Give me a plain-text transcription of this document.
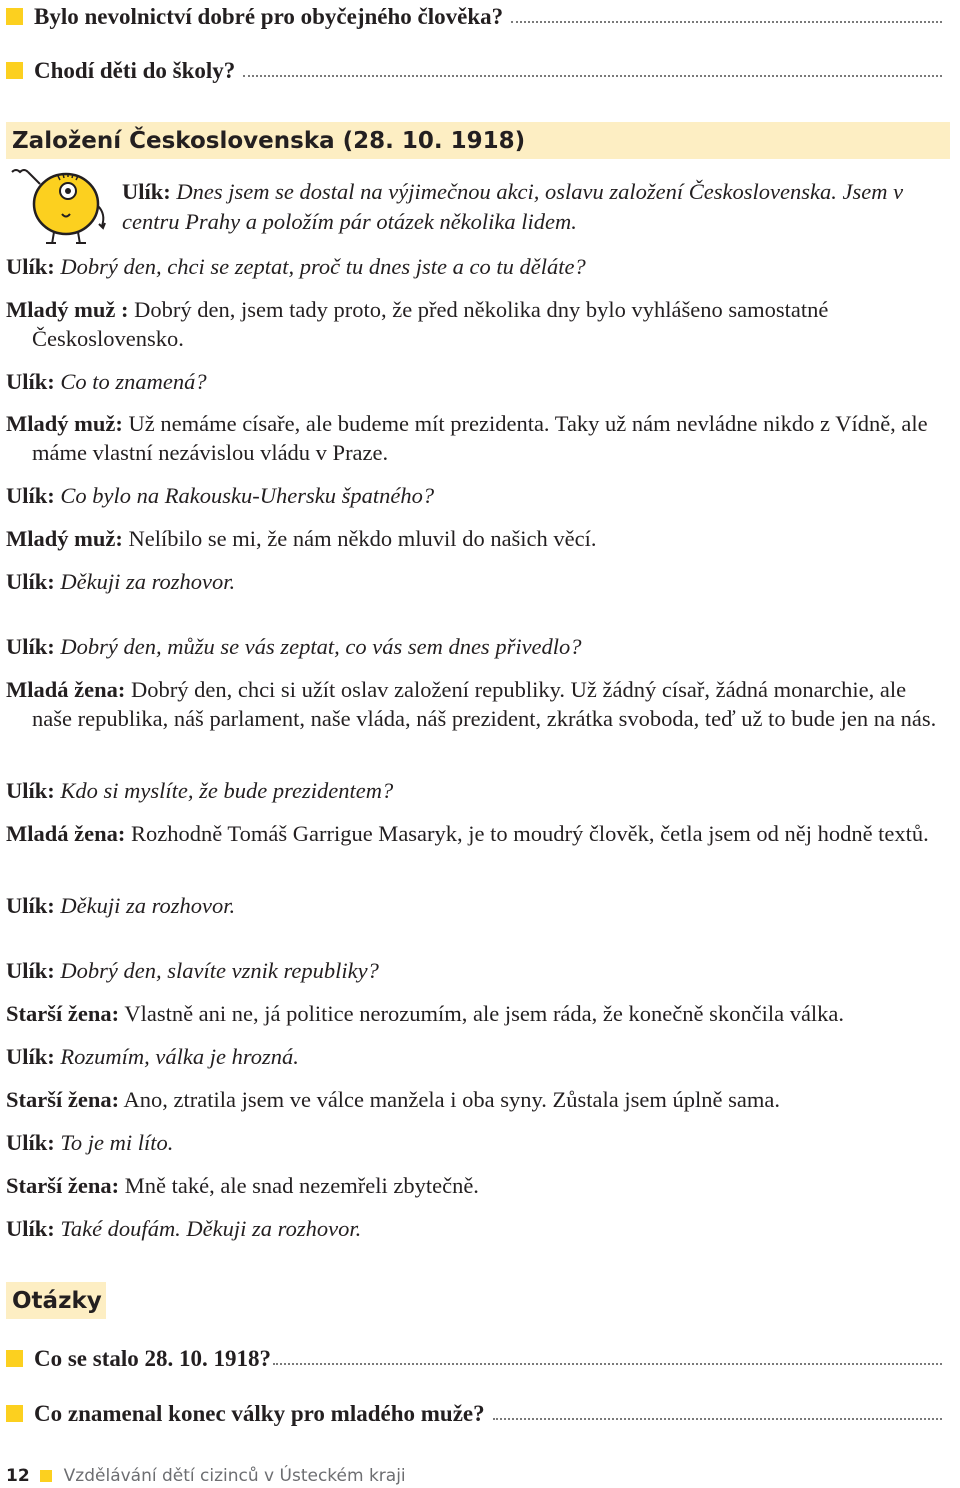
Bylo nevolnictví dobré pro obyčejného člověka?
Chodí děti do školy?
Založení Československa (28. 10. 1918)
Ulík: Dnes jsem se dostal na výjimečnou akci, oslavu založení Československa. Jsem v centru Prahy a položím pár otázek několika lidem.
Ulík: Dobrý den, chci se zeptat, proč tu dnes jste a co tu děláte?
Mladý muž : Dobrý den, jsem tady proto, že před několika dny bylo vyhlášeno samostatné Československo.
Ulík: Co to znamená?
Mladý muž: Už nemáme císaře, ale budeme mít prezidenta. Taky už nám nevládne nikdo z Vídně, ale máme vlastní nezávislou vládu v Praze.
Ulík: Co bylo na Rakousku-Uhersku špatného?
Mladý muž: Nelíbilo se mi, že nám někdo mluvil do našich věcí.
Ulík: Děkuji za rozhovor.
Ulík: Dobrý den, můžu se vás zeptat, co vás sem dnes přivedlo?
Mladá žena: Dobrý den, chci si užít oslav založení republiky. Už žádný císař, žádná monarchie, ale naše republika, náš parlament, naše vláda, náš prezident, zkrátka svoboda, teď už to bude jen na nás.
Ulík: Kdo si myslíte, že bude prezidentem?
Mladá žena: Rozhodně Tomáš Garrigue Masaryk, je to moudrý člověk, četla jsem od něj hodně textů.
Ulík: Děkuji za rozhovor.
Ulík: Dobrý den, slavíte vznik republiky?
Starší žena: Vlastně ani ne, já politice nerozumím, ale jsem ráda, že konečně skončila válka.
Ulík: Rozumím, válka je hrozná.
Starší žena: Ano, ztratila jsem ve válce manžela i oba syny. Zůstala jsem úplně sama.
Ulík: To je mi líto.
Starší žena: Mně také, ale snad nezemřeli zbytečně.
Ulík: Také doufám. Děkuji za rozhovor.
Otázky
Co se stalo 28. 10. 1918?
Co znamenal konec války pro mladého muže?
12 Vzdělávání dětí cizinců v Ústeckém kraji
